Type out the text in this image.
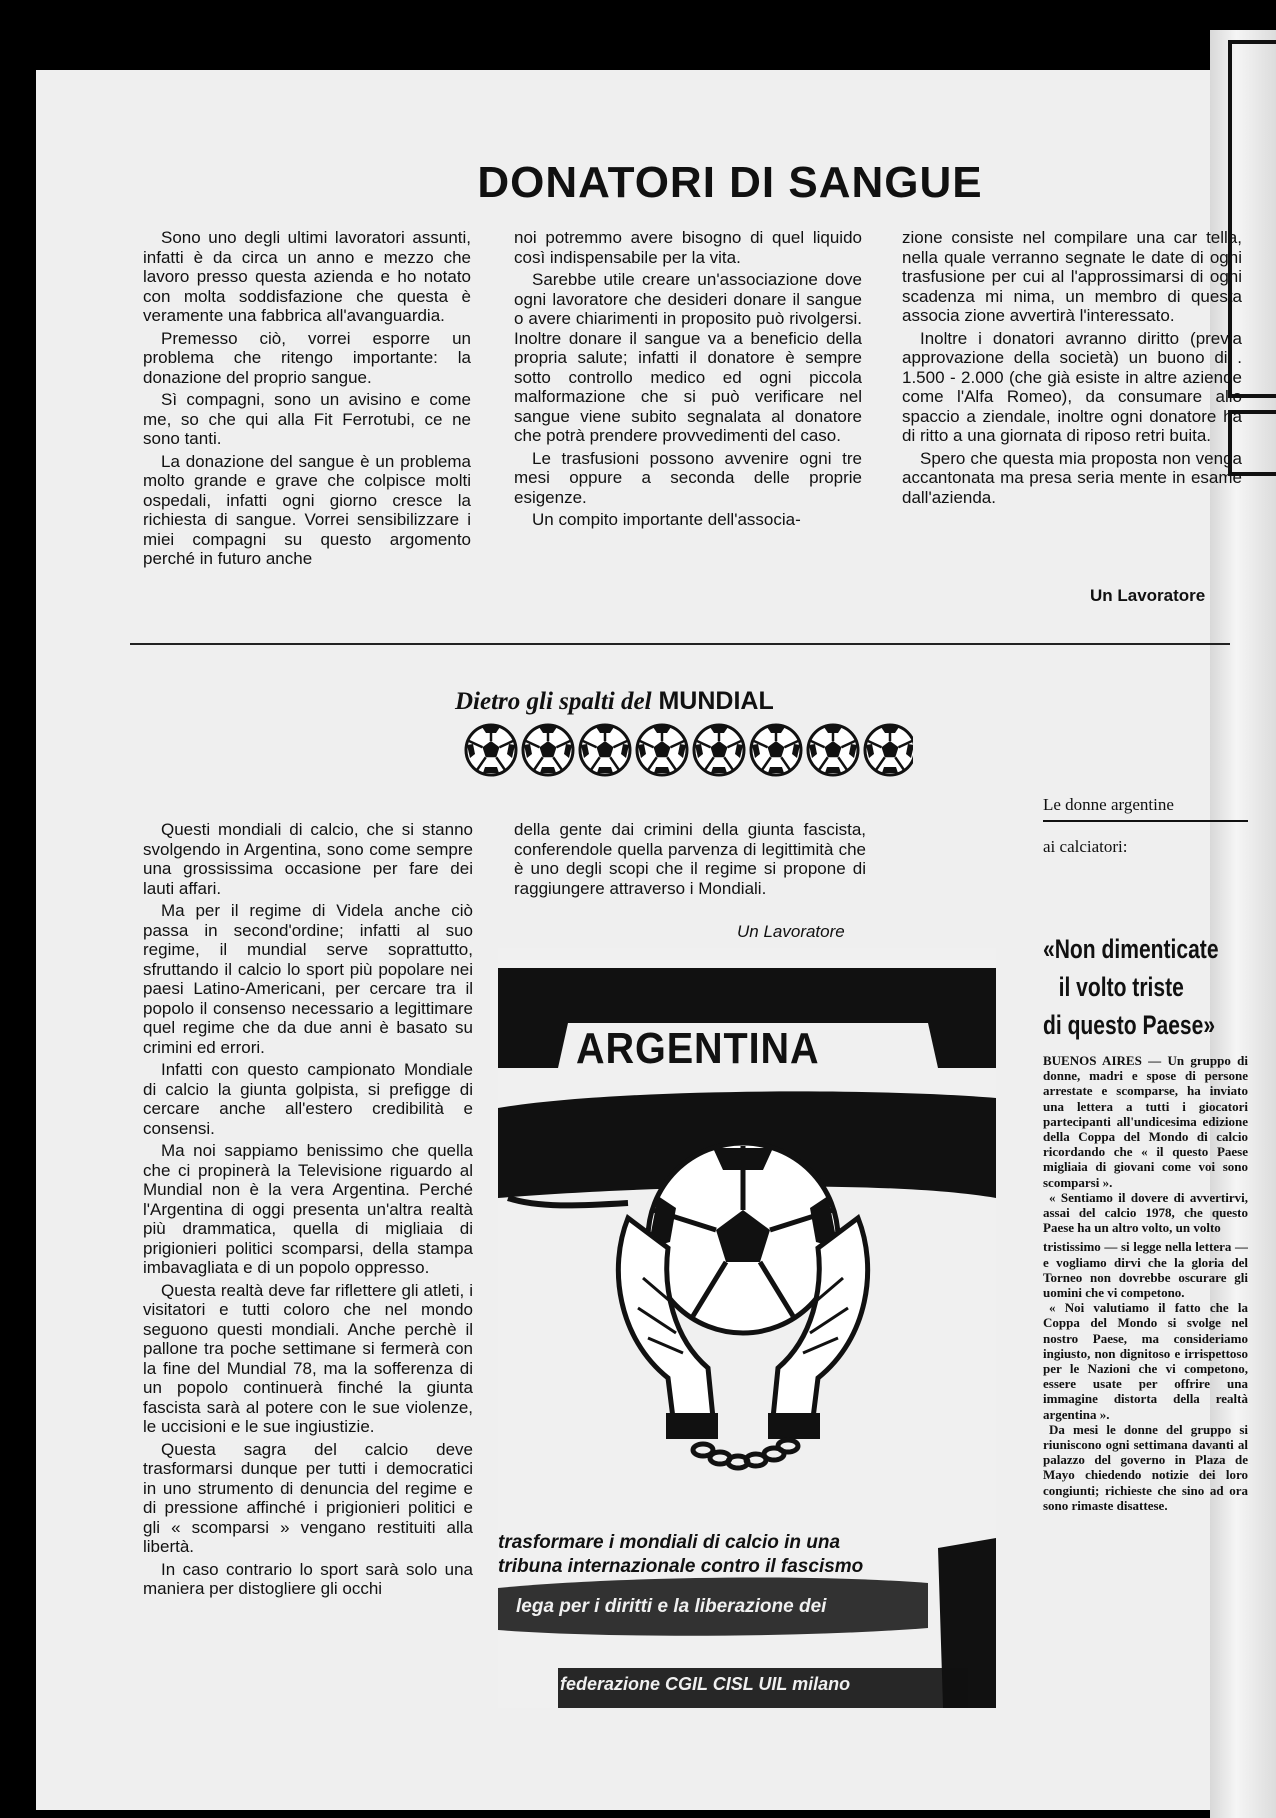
DONATORI DI SANGUE

Sono uno degli ultimi lavoratori assunti, infatti è da circa un anno e mezzo che lavoro presso questa azienda e ho notato con molta soddisfazione che questa è veramente una fabbrica all'avanguardia.

Premesso ciò, vorrei esporre un problema che ritengo importante: la donazione del proprio sangue.

Sì compagni, sono un avisino e come me, so che qui alla Fit Ferrotubi, ce ne sono tanti.

La donazione del sangue è un problema molto grande e grave che colpisce molti ospedali, infatti ogni giorno cresce la richiesta di sangue. Vorrei sensibilizzare i miei compagni su questo argomento perché in futuro anche

noi potremmo avere bisogno di quel liquido così indispensabile per la vita.

Sarebbe utile creare un'associazione dove ogni lavoratore che desideri donare il sangue o avere chiarimenti in proposito può rivolgersi. Inoltre donare il sangue va a beneficio della propria salute; infatti il donatore è sempre sotto controllo medico ed ogni piccola malformazione che si può verificare nel sangue viene subito segnalata al donatore che potrà prendere provvedimenti del caso.

Le trasfusioni possono avvenire ogni tre mesi oppure a seconda delle proprie esigenze.

Un compito importante dell'associa-

zione consiste nel compilare una car tella, nella quale verranno segnate le date di ogni trasfusione per cui al l'approssimarsi di ogni scadenza mi nima, un membro di questa associa zione avvertirà l'interessato.

Inoltre i donatori avranno diritto (previa approvazione della società) un buono di . 1.500 - 2.000 (che già esiste in altre aziende come l'Alfa Romeo), da consumare allo spaccio a ziendale, inoltre ogni donatore ha di ritto a una giornata di riposo retri buita.

Spero che questa mia proposta non venga accantonata ma presa seria mente in esame dall'azienda.

Un Lavoratore
Dietro gli spalti del MUNDIAL

Questi mondiali di calcio, che si stanno svolgendo in Argentina, sono come sempre una grossissima occasione per fare dei lauti affari.

Ma per il regime di Videla anche ciò passa in second'ordine; infatti al suo regime, il mundial serve soprattutto, sfruttando il calcio lo sport più popolare nei paesi Latino-Americani, per cercare tra il popolo il consenso necessario a legittimare quel regime che da due anni è basato su crimini ed errori.

Infatti con questo campionato Mondiale di calcio la giunta golpista, si prefigge di cercare anche all'estero credibilità e consensi.

Ma noi sappiamo benissimo che quella che ci propinerà la Televisione riguardo al Mundial non è la vera Argentina. Perché l'Argentina di oggi presenta un'altra realtà più drammatica, quella di migliaia di prigionieri politici scomparsi, della stampa imbavagliata e di un popolo oppresso.

Questa realtà deve far riflettere gli atleti, i visitatori e tutti coloro che nel mondo seguono questi mondiali. Anche perchè il pallone tra poche settimane si fermerà con la fine del Mundial 78, ma la sofferenza di un popolo continuerà finché la giunta fascista sarà al potere con le sue violenze, le uccisioni e le sue ingiustizie.

Questa sagra del calcio deve trasformarsi dunque per tutti i democratici in uno strumento di denuncia del regime e di pressione affinché i prigionieri politici e gli « scomparsi » vengano restituiti alla libertà.

In caso contrario lo sport sarà solo una maniera per distogliere gli occhi

della gente dai crimini della giunta fascista, conferendole quella parvenza di legittimità che è uno degli scopi che il regime si propone di raggiungere attraverso i Mondiali.

Un Lavoratore
ARGENTINA
trasformare i mondiali di calcio in una
tribuna internazionale contro il fascismo
lega per i diritti e la liberazione dei
federazione CGIL CISL UIL milano
Le donne argentine
ai calciatori:
«Non dimenticate
il volto triste
di questo Paese»
BUENOS AIRES — Un gruppo di donne, madri e spose di persone arrestate e scomparse, ha inviato una lettera a tutti i giocatori partecipanti all'undicesima edizione della Coppa del Mondo di calcio ricordando che « il questo Paese migliaia di giovani come voi sono scomparsi ».
« Sentiamo il dovere di avvertirvi, assai del calcio 1978, che questo Paese ha un altro volto, un volto
tristissimo — si legge nella lettera — e vogliamo dirvi che la gloria del Torneo non dovrebbe oscurare gli uomini che vi competono.
« Noi valutiamo il fatto che la Coppa del Mondo si svolge nel nostro Paese, ma consideriamo ingiusto, non dignitoso e irrispettoso per le Nazioni che vi competono, essere usate per offrire una immagine distorta della realtà argentina ».
Da mesi le donne del gruppo si riuniscono ogni settimana davanti al palazzo del governo in Plaza de Mayo chiedendo notizie dei loro congiunti; richieste che sino ad ora sono rimaste disattese.
